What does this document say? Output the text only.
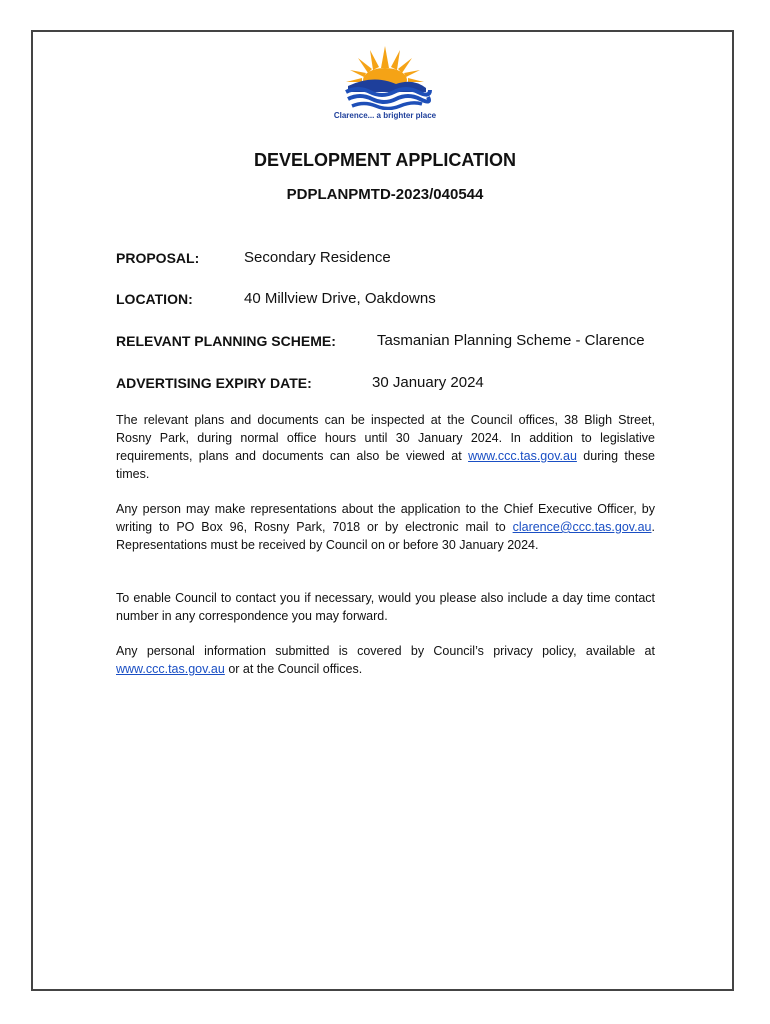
Clarence... a brighter place
DEVELOPMENT APPLICATION
PDPLANPMTD-2023/040544
PROPOSAL:	Secondary Residence
LOCATION:	40 Millview Drive, Oakdowns
RELEVANT PLANNING SCHEME:	Tasmanian Planning Scheme - Clarence
ADVERTISING EXPIRY DATE:	30 January 2024

The relevant plans and documents can be inspected at the Council offices, 38 Bligh Street, Rosny Park, during normal office hours until 30 January 2024. In addition to legislative requirements, plans and documents can also be viewed at www.ccc.tas.gov.au during these times.

Any person may make representations about the application to the Chief Executive Officer, by writing to PO Box 96, Rosny Park, 7018 or by electronic mail to clarence@ccc.tas.gov.au. Representations must be received by Council on or before 30 January 2024.

To enable Council to contact you if necessary, would you please also include a day time contact number in any correspondence you may forward.

Any personal information submitted is covered by Council’s privacy policy, available at www.ccc.tas.gov.au or at the Council offices.
